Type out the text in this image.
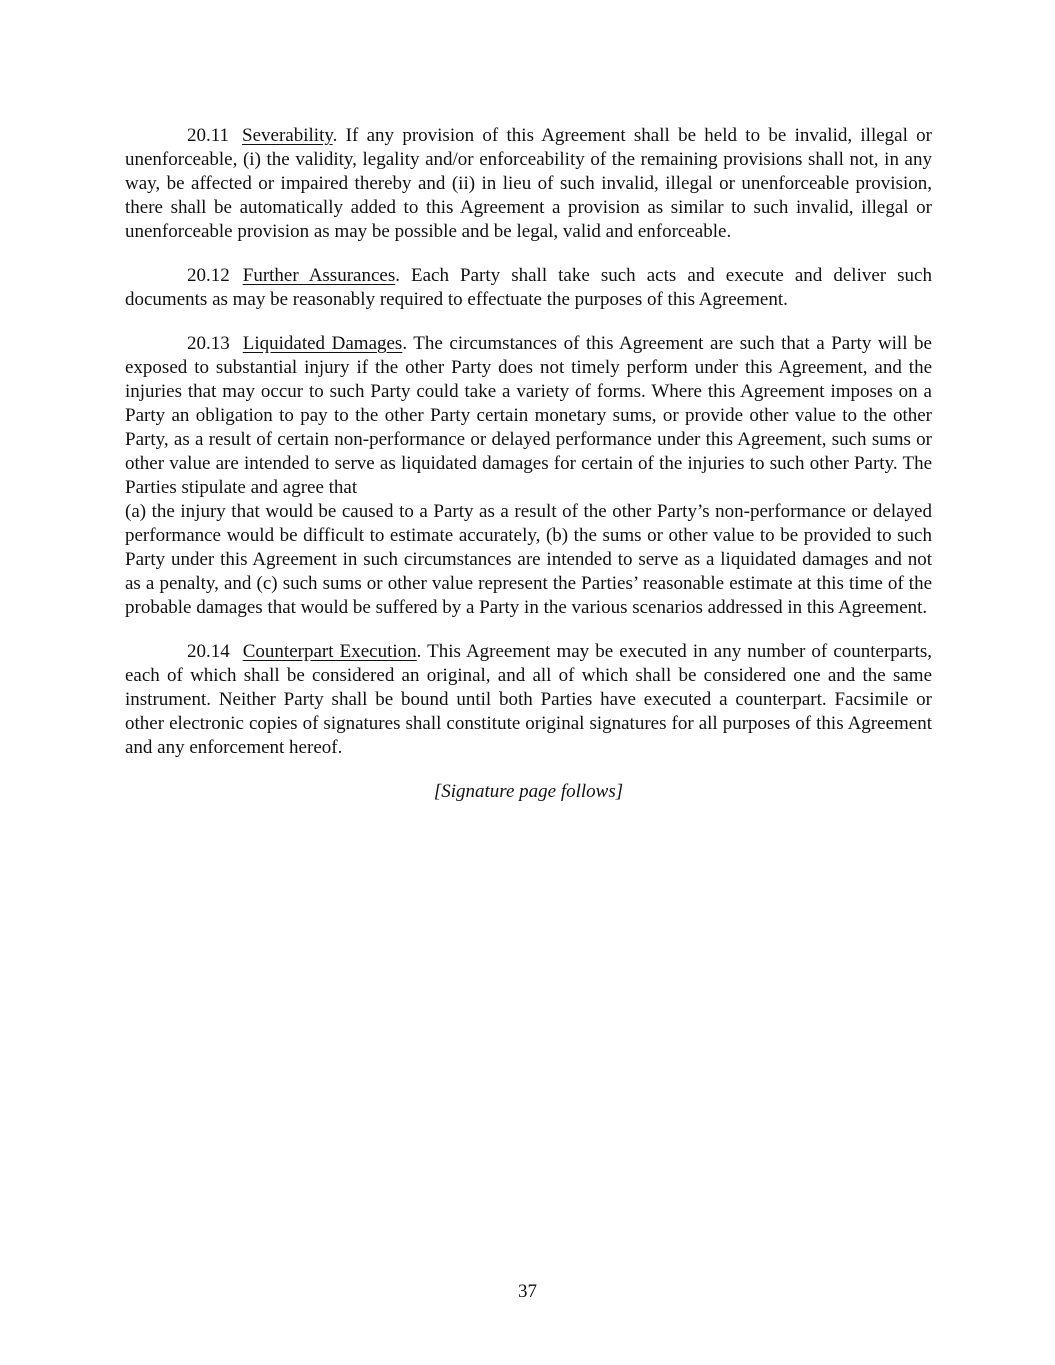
20.11 Severability. If any provision of this Agreement shall be held to be invalid, illegal or unenforceable, (i) the validity, legality and/or enforceability of the remaining provisions shall not, in any way, be affected or impaired thereby and (ii) in lieu of such invalid, illegal or unenforceable provision, there shall be automatically added to this Agreement a provision as similar to such invalid, illegal or unenforceable provision as may be possible and be legal, valid and enforceable.

20.12 Further Assurances. Each Party shall take such acts and execute and deliver such documents as may be reasonably required to effectuate the purposes of this Agreement.

20.13 Liquidated Damages. The circumstances of this Agreement are such that a Party will be exposed to substantial injury if the other Party does not timely perform under this Agreement, and the injuries that may occur to such Party could take a variety of forms. Where this Agreement imposes on a Party an obligation to pay to the other Party certain monetary sums, or provide other value to the other Party, as a result of certain non-performance or delayed performance under this Agreement, such sums or other value are intended to serve as liquidated damages for certain of the injuries to such other Party. The Parties stipulate and agree that
(a) the injury that would be caused to a Party as a result of the other Party’s non-performance or delayed performance would be difficult to estimate accurately, (b) the sums or other value to be provided to such Party under this Agreement in such circumstances are intended to serve as a liquidated damages and not as a penalty, and (c) such sums or other value represent the Parties’ reasonable estimate at this time of the probable damages that would be suffered by a Party in the various scenarios addressed in this Agreement.

20.14 Counterpart Execution. This Agreement may be executed in any number of counterparts, each of which shall be considered an original, and all of which shall be considered one and the same instrument. Neither Party shall be bound until both Parties have executed a counterpart. Facsimile or other electronic copies of signatures shall constitute original signatures for all purposes of this Agreement and any enforcement hereof.

[Signature page follows]

37
